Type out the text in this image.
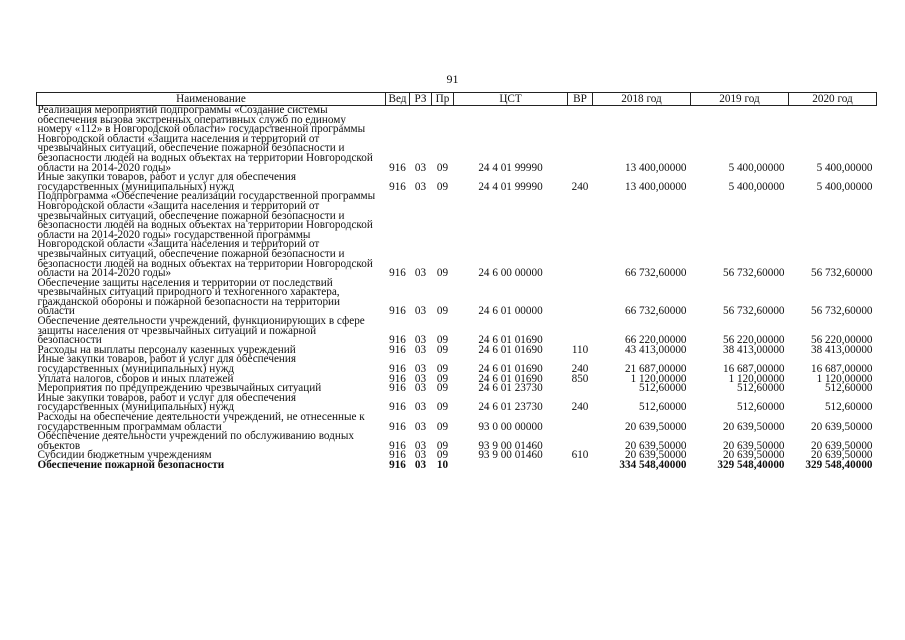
91
Наименование	Вед	РЗ	Пр	ЦСТ	ВР	2018 год	2019 год	2020 год
Реализация мероприятий подпрограммы «Создание системы обеспечения вызова экстренных оперативных служб по единому номеру «112» в Новгородской области» государственной программы Новгородской области «Защита населения и территорий от чрезвычайных ситуаций, обеспечение пожарной безопасности и безопасности людей на водных объектах на территории Новгородской области на 2014-2020 годы»	916	03	09	24 4 01 99990		13 400,00000	5 400,00000	5 400,00000
Иные закупки товаров, работ и услуг для обеспечения государственных (муниципальных) нужд	916	03	09	24 4 01 99990	240	13 400,00000	5 400,00000	5 400,00000
Подпрограмма «Обеспечение реализации государственной программы Новгородской области «Защита населения и территорий от чрезвычайных ситуаций, обеспечение пожарной безопасности и безопасности людей на водных объектах на территории Новгородской области на 2014-2020 годы» государственной программы Новгородской области «Защита населения и территорий от чрезвычайных ситуаций, обеспечение пожарной безопасности и безопасности людей на водных объектах на территории Новгородской области на 2014-2020 годы»	916	03	09	24 6 00 00000		66 732,60000	56 732,60000	56 732,60000
Обеспечение защиты населения и территории от последствий чрезвычайных ситуаций природного и техногенного характера, гражданской обороны и пожарной безопасности на территории области	916	03	09	24 6 01 00000		66 732,60000	56 732,60000	56 732,60000
Обеспечение деятельности учреждений, функционирующих в сфере защиты населения от чрезвычайных ситуаций и пожарной безопасности	916	03	09	24 6 01 01690		66 220,00000	56 220,00000	56 220,00000
Расходы на выплаты персоналу казенных учреждений	916	03	09	24 6 01 01690	110	43 413,00000	38 413,00000	38 413,00000
Иные закупки товаров, работ и услуг для обеспечения государственных (муниципальных) нужд	916	03	09	24 6 01 01690	240	21 687,00000	16 687,00000	16 687,00000
Уплата налогов, сборов и иных платежей	916	03	09	24 6 01 01690	850	1 120,00000	1 120,00000	1 120,00000
Мероприятия по предупреждению чрезвычайных ситуаций	916	03	09	24 6 01 23730		512,60000	512,60000	512,60000
Иные закупки товаров, работ и услуг для обеспечения государственных (муниципальных) нужд	916	03	09	24 6 01 23730	240	512,60000	512,60000	512,60000
Расходы на обеспечение деятельности учреждений, не отнесенные к государственным программам области	916	03	09	93 0 00 00000		20 639,50000	20 639,50000	20 639,50000
Обеспечение деятельности учреждений по обслуживанию водных объектов	916	03	09	93 9 00 01460		20 639,50000	20 639,50000	20 639,50000
Субсидии бюджетным учреждениям	916	03	09	93 9 00 01460	610	20 639,50000	20 639,50000	20 639,50000
Обеспечение пожарной безопасности	916	03	10			334 548,40000	329 548,40000	329 548,40000
